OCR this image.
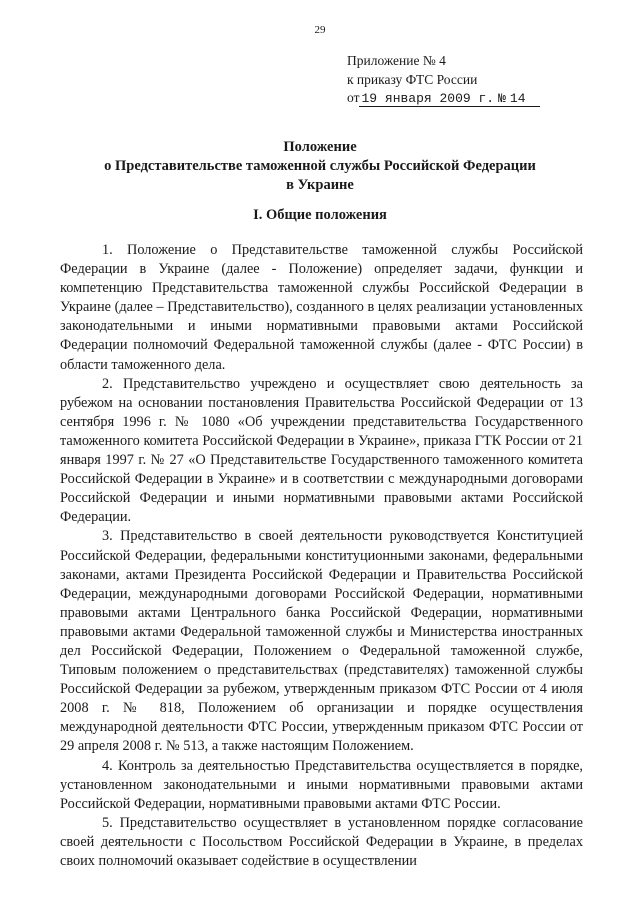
29
Приложение № 4
к приказу ФТС России
от 19 января 2009 г. № 14
Положение
о Представительстве таможенной службы Российской Федерации
в Украине
I. Общие положения

1. Положение о Представительстве таможенной службы Российской Федерации в Украине (далее - Положение) определяет задачи, функции и компетенцию Представительства таможенной службы Российской Федерации в Украине (далее – Представительство), созданного в целях реализации установленных законодательными и иными нормативными правовыми актами Российской Федерации полномочий Федеральной таможенной службы (далее - ФТС России) в области таможенного дела.

2. Представительство учреждено и осуществляет свою деятельность за рубежом на основании постановления Правительства Российской Федерации от 13 сентября 1996 г. № 1080 «Об учреждении представительства Государственного таможенного комитета Российской Федерации в Украине», приказа ГТК России от 21 января 1997 г. № 27 «О Представительстве Государственного таможенного комитета Российской Федерации в Украине» и в соответствии с международными договорами Российской Федерации и иными нормативными правовыми актами Российской Федерации.

3. Представительство в своей деятельности руководствуется Конституцией Российской Федерации, федеральными конституционными законами, федеральными законами, актами Президента Российской Федерации и Правительства Российской Федерации, международными договорами Российской Федерации, нормативными правовыми актами Центрального банка Российской Федерации, нормативными правовыми актами Федеральной таможенной службы и Министерства иностранных дел Российской Федерации, Положением о Федеральной таможенной службе, Типовым положением о представительствах (представителях) таможенной службы Российской Федерации за рубежом, утвержденным приказом ФТС России от 4 июля 2008 г. № 818, Положением об организации и порядке осуществления международной деятельности ФТС России, утвержденным приказом ФТС России от 29 апреля 2008 г. № 513, а также настоящим Положением.

4. Контроль за деятельностью Представительства осуществляется в порядке, установленном законодательными и иными нормативными правовыми актами Российской Федерации, нормативными правовыми актами ФТС России.

5. Представительство осуществляет в установленном порядке согласование своей деятельности с Посольством Российской Федерации в Украине, в пределах своих полномочий оказывает содействие в осуществлении
